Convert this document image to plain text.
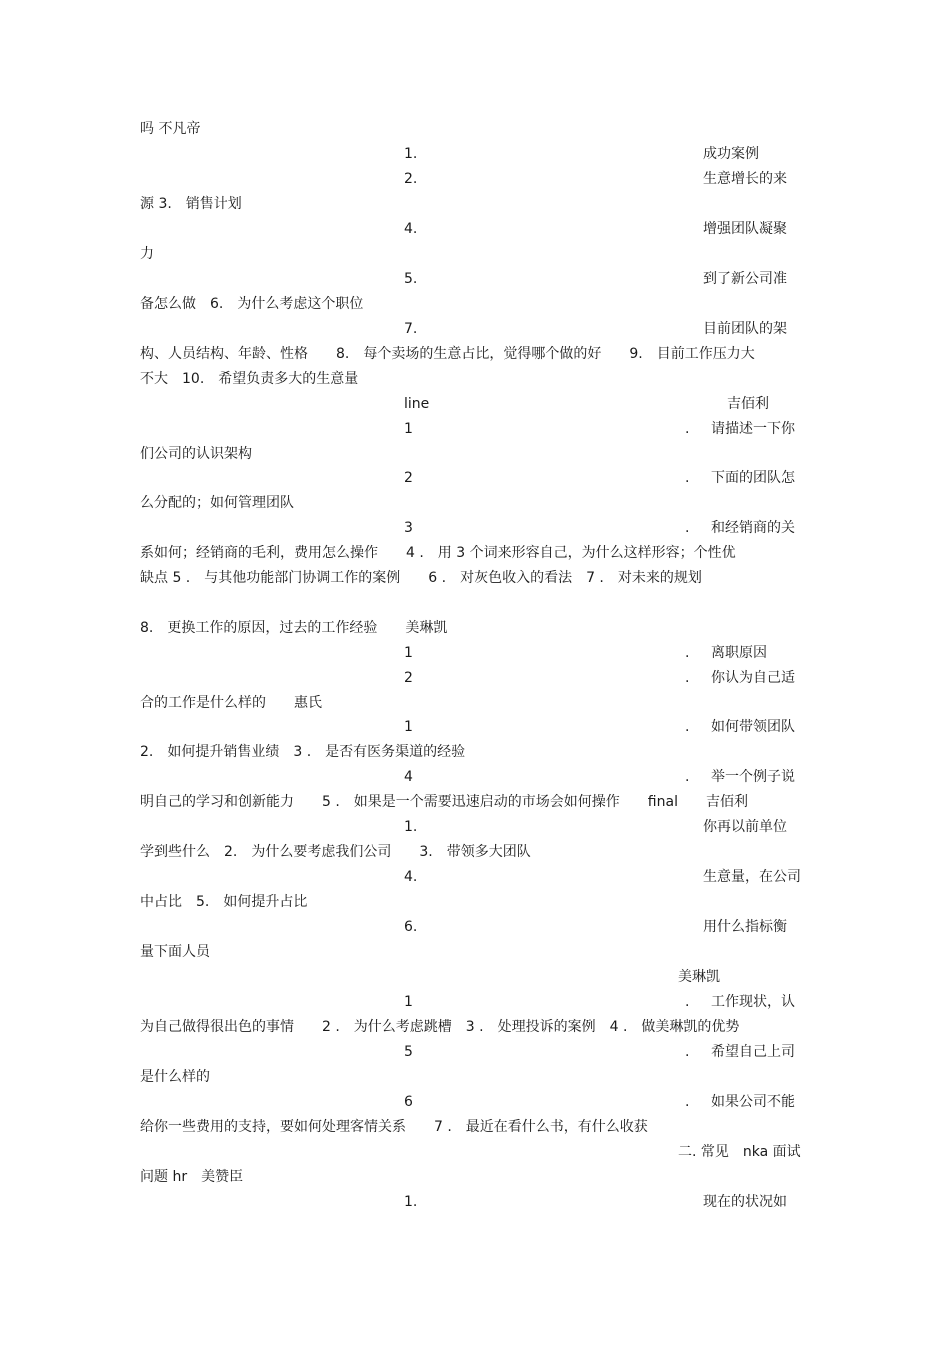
吗 不凡帝
1.	成功案例
2.	生意增长的来
源 3.　销售计划
4.	增强团队凝聚
力
5.	到了新公司准
备怎么做　6.　为什么考虑这个职位
7.	目前团队的架
构、人员结构、年龄、性格　　8.　每个卖场的生意占比，觉得哪个做的好　　9.　目前工作压力大
不大　10.　希望负责多大的生意量
line	吉佰利
1	. 请描述一下你
们公司的认识架构
2	. 下面的团队怎
么分配的；如何管理团队
3	. 和经销商的关
系如何；经销商的毛利，费用怎么操作　　4 .　用 3 个词来形容自己，为什么这样形容；个性优
缺点 5 .　与其他功能部门协调工作的案例　　6 .　对灰色收入的看法　7 .　对未来的规划
8.　更换工作的原因，过去的工作经验　　美琳凯
1	. 离职原因
2	. 你认为自己适
合的工作是什么样的　　惠氏
1	. 如何带领团队
2.　如何提升销售业绩　3 .　是否有医务渠道的经验
4	. 举一个例子说
明自己的学习和创新能力　　5 .　如果是一个需要迅速启动的市场会如何操作　　final　　吉佰利
1.	你再以前单位
学到些什么　2.　为什么要考虑我们公司　　3.　带领多大团队
4.	生意量，在公司
中占比　5.　如何提升占比
6.	用什么指标衡
量下面人员
美琳凯
1	. 工作现状，认
为自己做得很出色的事情　　2 .　为什么考虑跳槽　3 .　处理投诉的案例　4 .　做美琳凯的优势
5	. 希望自己上司
是什么样的
6	. 如果公司不能
给你一些费用的支持，要如何处理客情关系　　7 .　最近在看什么书，有什么收获
二. 常见　nka 面试
问题 hr　美赞臣
1.	现在的状况如
